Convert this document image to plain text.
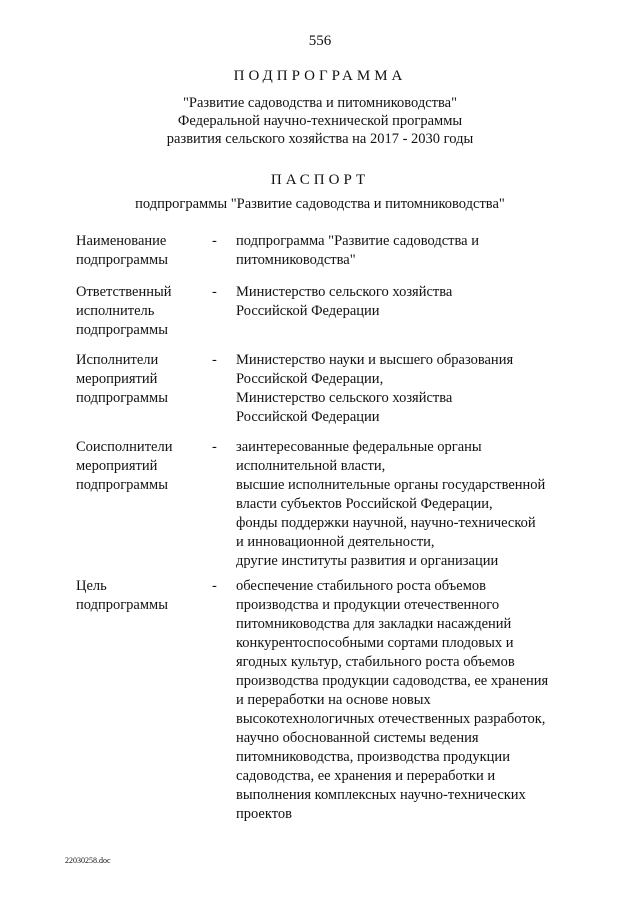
556
ПОДПРОГРАММА
"Развитие садоводства и питомниководства"
Федеральной научно-технической программы
развития сельского хозяйства на 2017 - 2030 годы
ПАСПОРТ
подпрограммы "Развитие садоводства и питомниководства"
Наименование
подпрограммы
- подпрограмма "Развитие садоводства и
питомниководства"
Ответственный
исполнитель
подпрограммы
- Министерство сельского хозяйства
Российской Федерации
Исполнители
мероприятий
подпрограммы
- Министерство науки и высшего образования
Российской Федерации,
Министерство сельского хозяйства
Российской Федерации
Соисполнители
мероприятий
подпрограммы
- заинтересованные федеральные органы
исполнительной власти,
высшие исполнительные органы государственной
власти субъектов Российской Федерации,
фонды поддержки научной, научно-технической
и инновационной деятельности,
другие институты развития и организации
Цель
подпрограммы
- обеспечение стабильного роста объемов
производства и продукции отечественного
питомниководства для закладки насаждений
конкурентоспособными сортами плодовых и
ягодных культур, стабильного роста объемов
производства продукции садоводства, ее хранения
и переработки на основе новых
высокотехнологичных отечественных разработок,
научно обоснованной системы ведения
питомниководства, производства продукции
садоводства, ее хранения и переработки и
выполнения комплексных научно-технических
проектов
22030258.doc
